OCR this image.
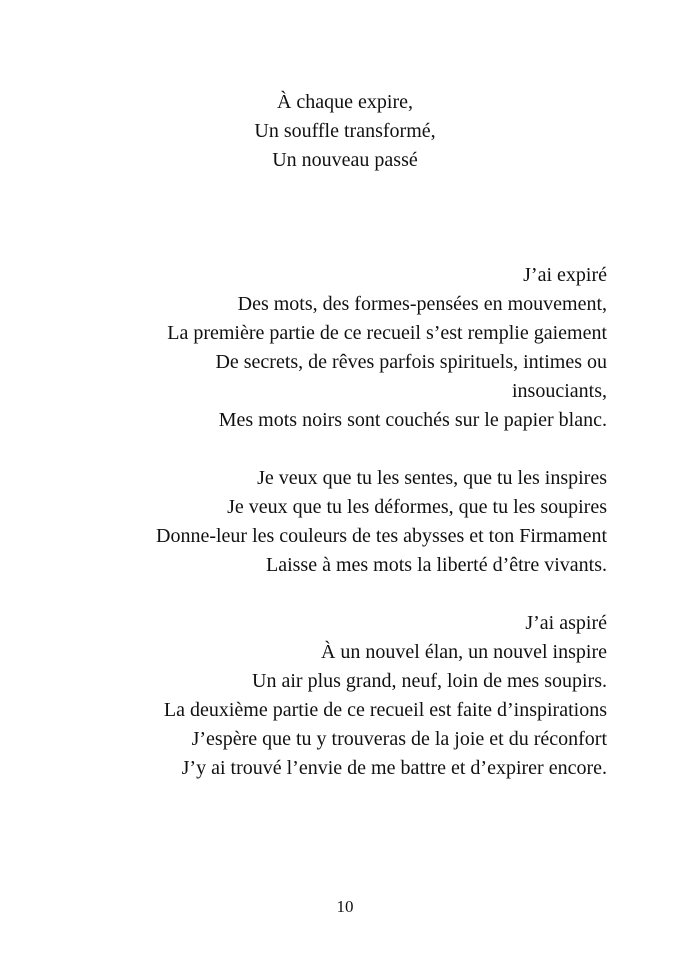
À chaque expire,
Un souffle transformé,
Un nouveau passé
J’ai expiré
Des mots, des formes-pensées en mouvement,
La première partie de ce recueil s’est remplie gaiement
De secrets, de rêves parfois spirituels, intimes ou
insouciants,
Mes mots noirs sont couchés sur le papier blanc.
Je veux que tu les sentes, que tu les inspires
Je veux que tu les déformes, que tu les soupires
Donne-leur les couleurs de tes abysses et ton Firmament
Laisse à mes mots la liberté d’être vivants.
J’ai aspiré
À un nouvel élan, un nouvel inspire
Un air plus grand, neuf, loin de mes soupirs.
La deuxième partie de ce recueil est faite d’inspirations
J’espère que tu y trouveras de la joie et du réconfort
J’y ai trouvé l’envie de me battre et d’expirer encore.
10
